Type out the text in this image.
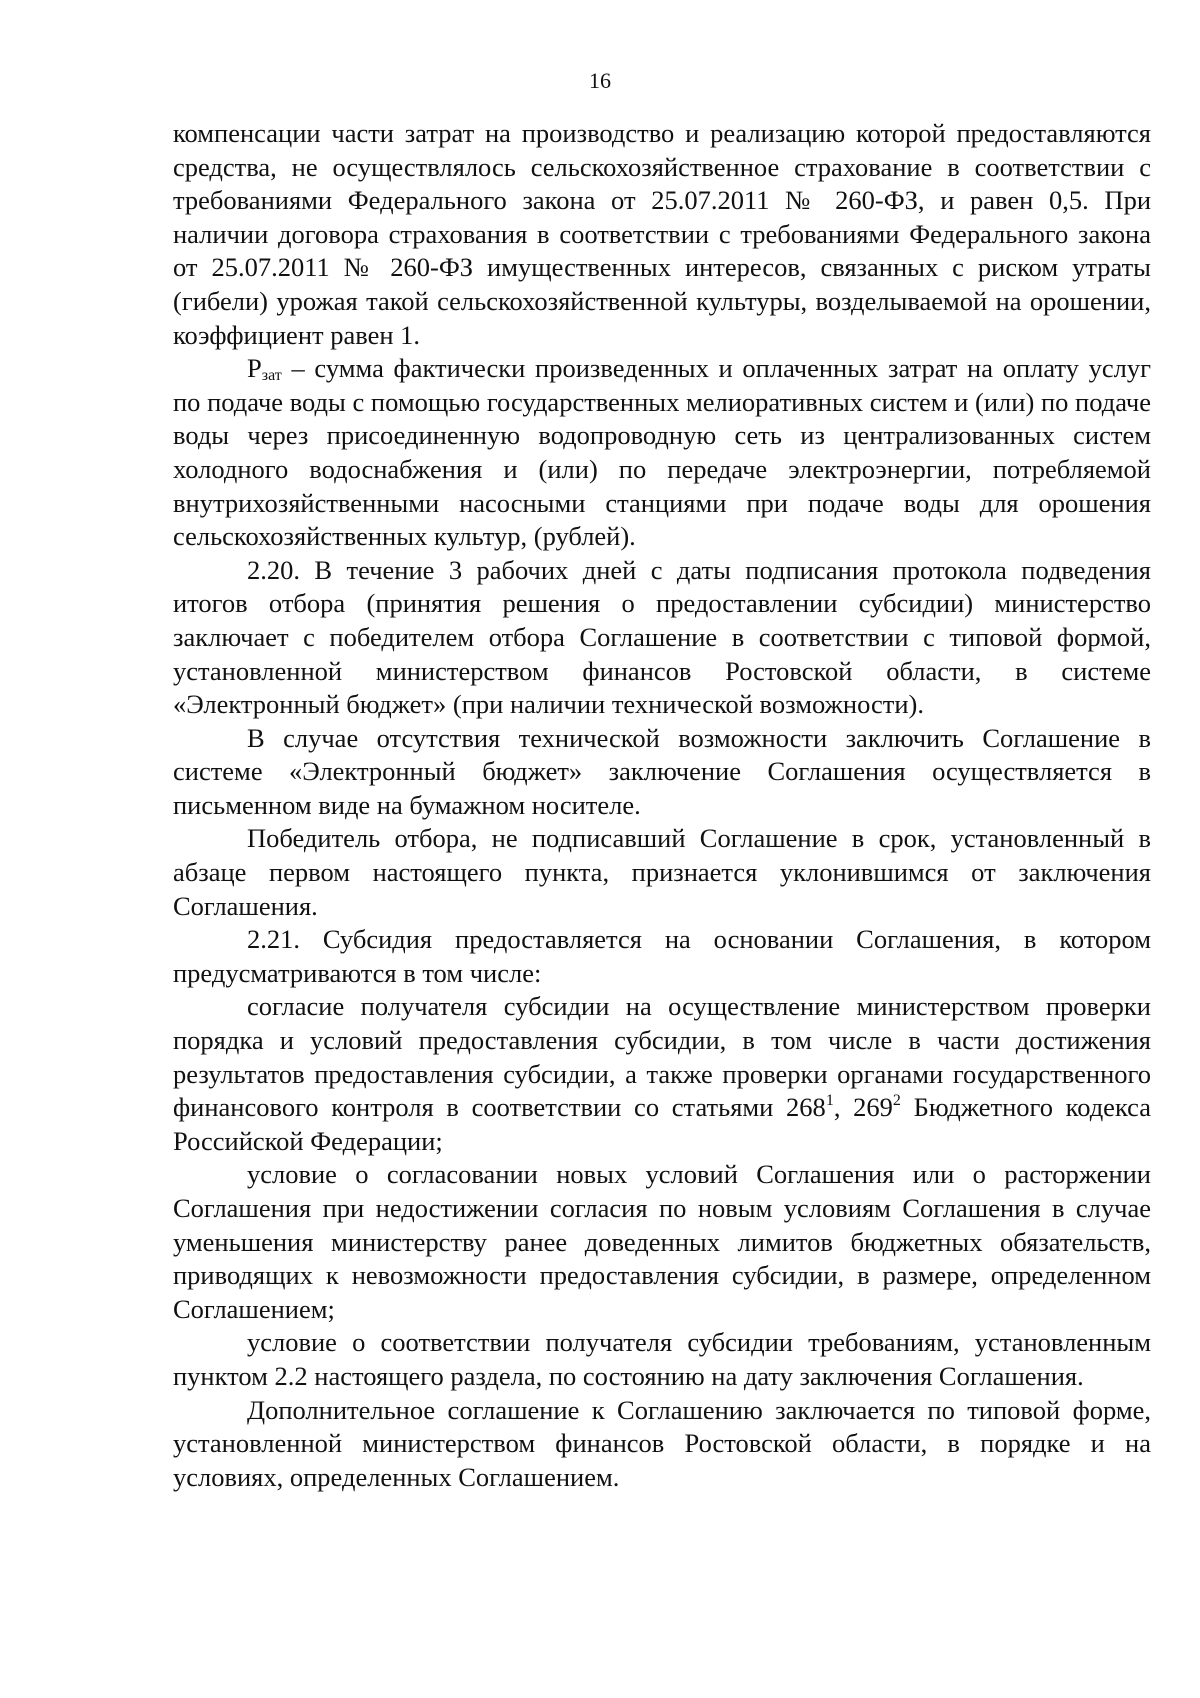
16

компенсации части затрат на производство и реализацию которой предоставляются средства, не осуществлялось сельскохозяйственное страхование в соответствии с требованиями Федерального закона от 25.07.2011 № 260-ФЗ, и равен 0,5. При наличии договора страхования в соответствии с требованиями Федерального закона от 25.07.2011 № 260-ФЗ имущественных интересов, связанных с риском утраты (гибели) урожая такой сельскохозяйственной культуры, возделываемой на орошении, коэффициент равен 1.

Рзат – сумма фактически произведенных и оплаченных затрат на оплату услуг по подаче воды с помощью государственных мелиоративных систем и (или) по подаче воды через присоединенную водопроводную сеть из централизованных систем холодного водоснабжения и (или) по передаче электроэнергии, потребляемой внутрихозяйственными насосными станциями при подаче воды для орошения сельскохозяйственных культур, (рублей).

2.20. В течение 3 рабочих дней с даты подписания протокола подведения итогов отбора (принятия решения о предоставлении субсидии) министерство заключает с победителем отбора Соглашение в соответствии с типовой формой, установленной министерством финансов Ростовской области, в системе «Электронный бюджет» (при наличии технической возможности).

В случае отсутствия технической возможности заключить Соглашение в системе «Электронный бюджет» заключение Соглашения осуществляется в письменном виде на бумажном носителе.

Победитель отбора, не подписавший Соглашение в срок, установленный в абзаце первом настоящего пункта, признается уклонившимся от заключения Соглашения.

2.21. Субсидия предоставляется на основании Соглашения, в котором предусматриваются в том числе:

согласие получателя субсидии на осуществление министерством проверки порядка и условий предоставления субсидии, в том числе в части достижения результатов предоставления субсидии, а также проверки органами государственного финансового контроля в соответствии со статьями $268^1$, $269^2$ Бюджетного кодекса Российской Федерации;

условие о согласовании новых условий Соглашения или о расторжении Соглашения при недостижении согласия по новым условиям Соглашения в случае уменьшения министерству ранее доведенных лимитов бюджетных обязательств, приводящих к невозможности предоставления субсидии, в размере, определенном Соглашением;

условие о соответствии получателя субсидии требованиям, установленным пунктом 2.2 настоящего раздела, по состоянию на дату заключения Соглашения.

Дополнительное соглашение к Соглашению заключается по типовой форме, установленной министерством финансов Ростовской области, в порядке и на условиях, определенных Соглашением.
